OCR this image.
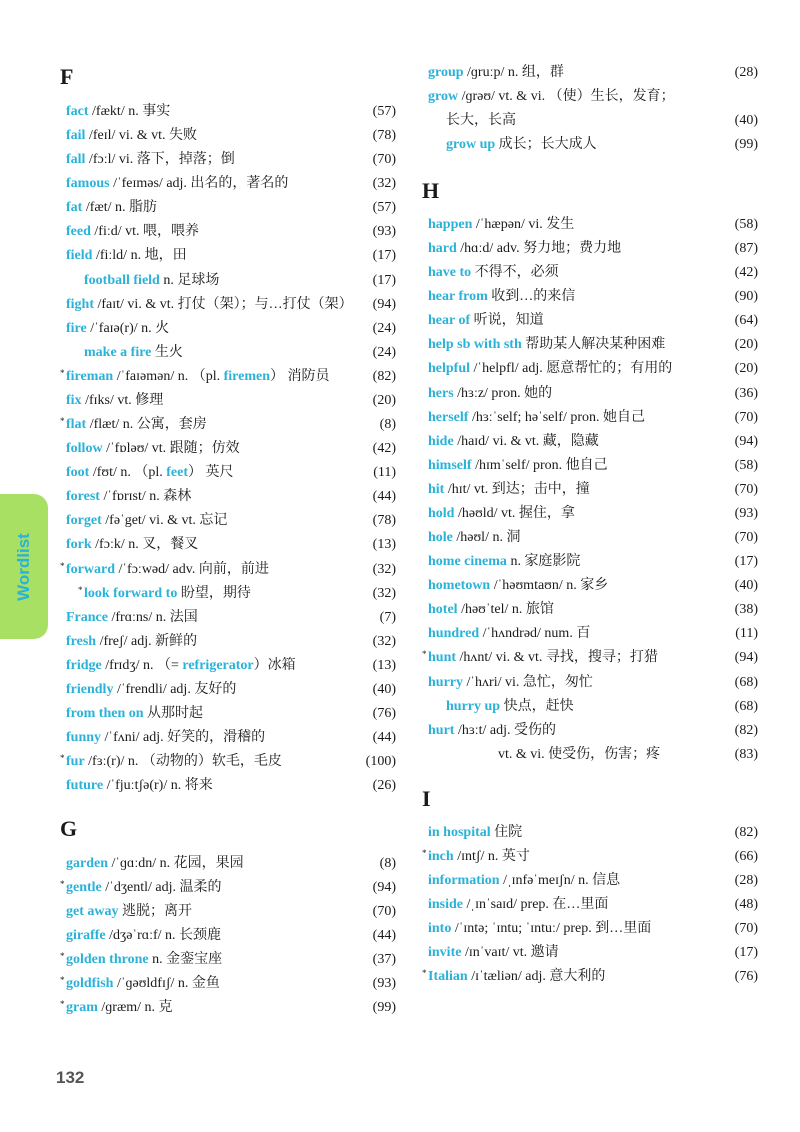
Wordlist
F
fact /fækt/ n. 事实	(57)
fail /feɪl/ vi. & vt. 失败	(78)
fall /fɔːl/ vi. 落下，掉落；倒	(70)
famous /ˈfeɪməs/ adj. 出名的，著名的	(32)
fat /fæt/ n. 脂肪	(57)
feed /fiːd/ vt. 喂，喂养	(93)
field /fiːld/ n. 地，田	(17)
football field n. 足球场	(17)
fight /faɪt/ vi. & vt. 打仗（架）；与…打仗（架） (94)
fire /ˈfaɪə(r)/ n. 火	(24)
make a fire 生火	(24)
* fireman /ˈfaɪəmən/ n. （pl. firemen） 消防员	(82)
fix /fɪks/ vt. 修理	(20)
* flat /flæt/ n. 公寓，套房	(8)
follow /ˈfɒləʊ/ vt. 跟随；仿效	(42)
foot /fʊt/ n. （pl. feet） 英尺	(11)
forest /ˈfɒrɪst/ n. 森林	(44)
forget /fəˈget/ vi. & vt. 忘记	(78)
fork /fɔːk/ n. 叉，餐叉	(13)
* forward /ˈfɔːwəd/ adv. 向前，前进	(32)
* look forward to 盼望，期待	(32)
France /frɑːns/ n. 法国	(7)
fresh /freʃ/ adj. 新鲜的	(32)
fridge /frɪdʒ/ n. （= refrigerator）冰箱	(13)
friendly /ˈfrendli/ adj. 友好的	(40)
from then on 从那时起	(76)
funny /ˈfʌni/ adj. 好笑的，滑稽的	(44)
* fur /fɜː(r)/ n. （动物的）软毛，毛皮	(100)
future /ˈfjuːtʃə(r)/ n. 将来	(26)
G
garden /ˈɡɑːdn/ n. 花园，果园	(8)
* gentle /ˈdʒentl/ adj. 温柔的	(94)
get away 逃脱；离开	(70)
giraffe /dʒəˈrɑːf/ n. 长颈鹿	(44)
* golden throne n. 金銮宝座	(37)
* goldfish /ˈɡəʊldfɪʃ/ n. 金鱼	(93)
* gram /ɡræm/ n. 克	(99)
group /ɡruːp/ n. 组，群	(28)
grow /ɡrəʊ/ vt. & vi. （使）生长，发育；
长大，长高	(40)
grow up 成长；长大成人	(99)
H
happen /ˈhæpən/ vi. 发生	(58)
hard /hɑːd/ adv. 努力地；费力地	(87)
have to 不得不，必须	(42)
hear from 收到…的来信	(90)
hear of 听说，知道	(64)
help sb with sth 帮助某人解决某种困难	(20)
helpful /ˈhelpfl/ adj. 愿意帮忙的；有用的	(20)
hers /hɜːz/ pron. 她的	(36)
herself /hɜːˈself; həˈself/ pron. 她自己	(70)
hide /haɪd/ vi. & vt. 藏，隐藏	(94)
himself /hɪmˈself/ pron. 他自己	(58)
hit /hɪt/ vt. 到达；击中，撞	(70)
hold /həʊld/ vt. 握住，拿	(93)
hole /həʊl/ n. 洞	(70)
home cinema n. 家庭影院	(17)
hometown /ˈhəʊmtaʊn/ n. 家乡	(40)
hotel /həʊˈtel/ n. 旅馆	(38)
hundred /ˈhʌndrəd/ num. 百	(11)
* hunt /hʌnt/ vi. & vt. 寻找，搜寻；打猎	(94)
hurry /ˈhʌri/ vi. 急忙，匆忙	(68)
hurry up 快点，赶快	(68)
hurt /hɜːt/ adj. 受伤的	(82)
vt. & vi. 使受伤，伤害；疼	(83)
I
in hospital 住院	(82)
* inch /ɪntʃ/ n. 英寸	(66)
information /ˌɪnfəˈmeɪʃn/ n. 信息	(28)
inside /ˌɪnˈsaɪd/ prep. 在…里面	(48)
into /ˈɪntə; ˈɪntu; ˈɪntuː/ prep. 到…里面	(70)
invite /ɪnˈvaɪt/ vt. 邀请	(17)
* Italian /ɪˈtæliən/ adj. 意大利的	(76)
132
